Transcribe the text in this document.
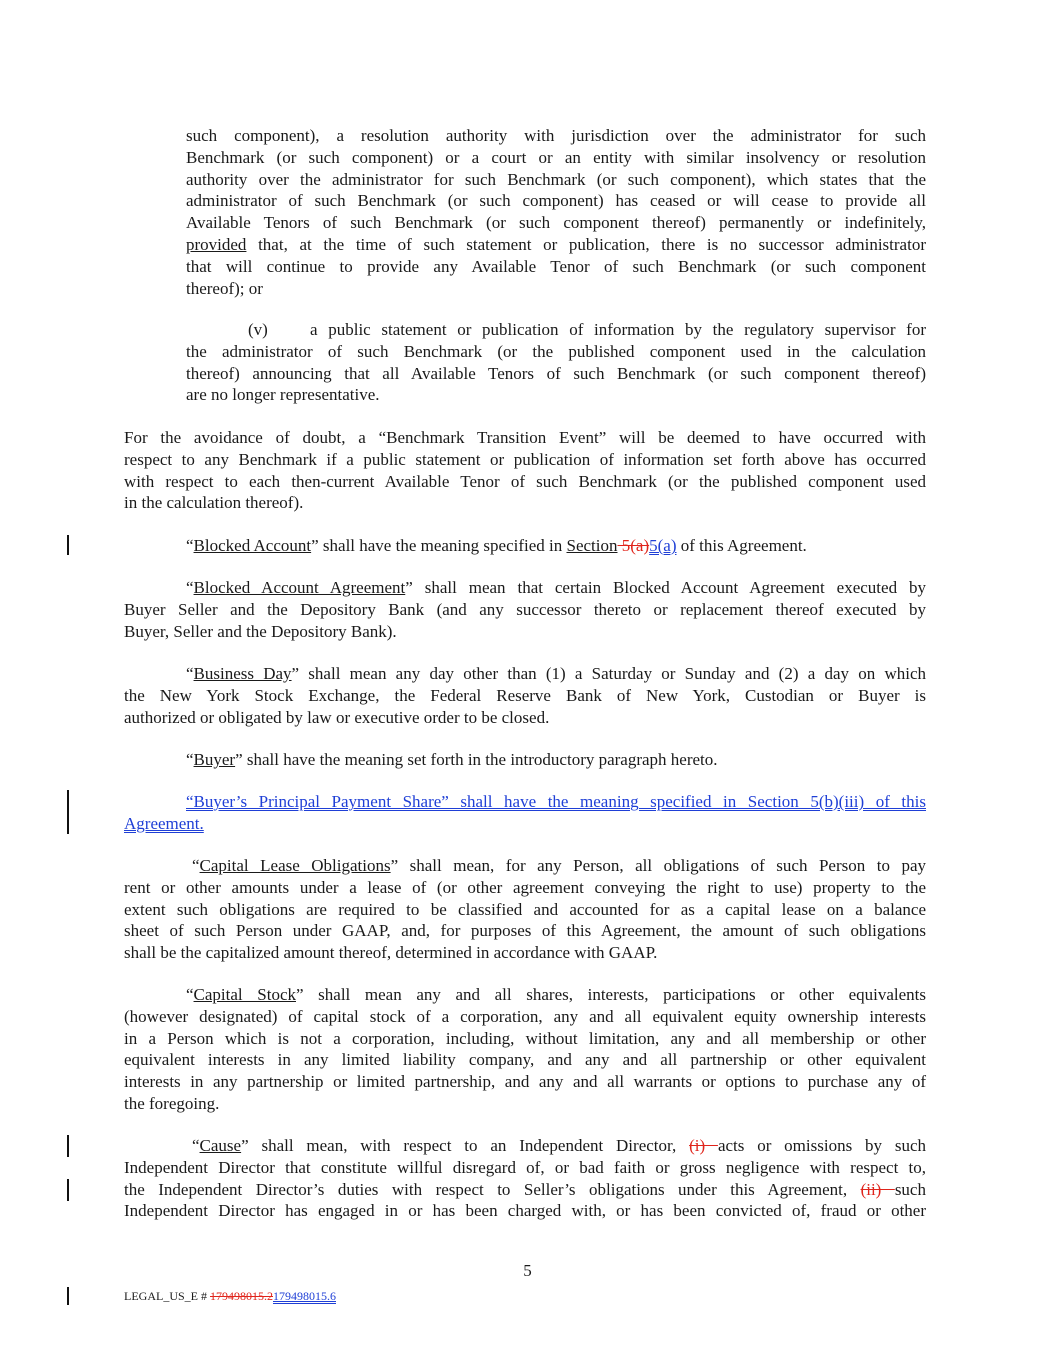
such component), a resolution authority with jurisdiction over the administrator for such
Benchmark (or such component) or a court or an entity with similar insolvency or resolution
authority over the administrator for such Benchmark (or such component), which states that the
administrator of such Benchmark (or such component) has ceased or will cease to provide all
Available Tenors of such Benchmark (or such component thereof) permanently or indefinitely,
provided that, at the time of such statement or publication, there is no successor administrator
that will continue to provide any Available Tenor of such Benchmark (or such component
thereof); or
(v) a public statement or publication of information by the regulatory supervisor for
the administrator of such Benchmark (or the published component used in the calculation
thereof) announcing that all Available Tenors of such Benchmark (or such component thereof)
are no longer representative.
For the avoidance of doubt, a “Benchmark Transition Event” will be deemed to have occurred with
respect to any Benchmark if a public statement or publication of information set forth above has occurred
with respect to each then-current Available Tenor of such Benchmark (or the published component used
in the calculation thereof).
“Blocked Account” shall have the meaning specified in Section 5(a)5(a) of this Agreement.
“Blocked Account Agreement” shall mean that certain Blocked Account Agreement executed by
Buyer Seller and the Depository Bank (and any successor thereto or replacement thereof executed by
Buyer, Seller and the Depository Bank).
“Business Day” shall mean any day other than (1) a Saturday or Sunday and (2) a day on which
the New York Stock Exchange, the Federal Reserve Bank of New York, Custodian or Buyer is
authorized or obligated by law or executive order to be closed.
“Buyer” shall have the meaning set forth in the introductory paragraph hereto.
“Buyer’s Principal Payment Share” shall have the meaning specified in Section 5(b)(iii) of this
Agreement.
“Capital Lease Obligations” shall mean, for any Person, all obligations of such Person to pay
rent or other amounts under a lease of (or other agreement conveying the right to use) property to the
extent such obligations are required to be classified and accounted for as a capital lease on a balance
sheet of such Person under GAAP, and, for purposes of this Agreement, the amount of such obligations
shall be the capitalized amount thereof, determined in accordance with GAAP.
“Capital Stock” shall mean any and all shares, interests, participations or other equivalents
(however designated) of capital stock of a corporation, any and all equivalent equity ownership interests
in a Person which is not a corporation, including, without limitation, any and all membership or other
equivalent interests in any limited liability company, and any and all partnership or other equivalent
interests in any partnership or limited partnership, and any and all warrants or options to purchase any of
the foregoing.
“Cause” shall mean, with respect to an Independent Director, (i) acts or omissions by such
Independent Director that constitute willful disregard of, or bad faith or gross negligence with respect to,
the Independent Director’s duties with respect to Seller’s obligations under this Agreement, (ii) such
Independent Director has engaged in or has been charged with, or has been convicted of, fraud or other
5
LEGAL_US_E # 179498015.2179498015.6
